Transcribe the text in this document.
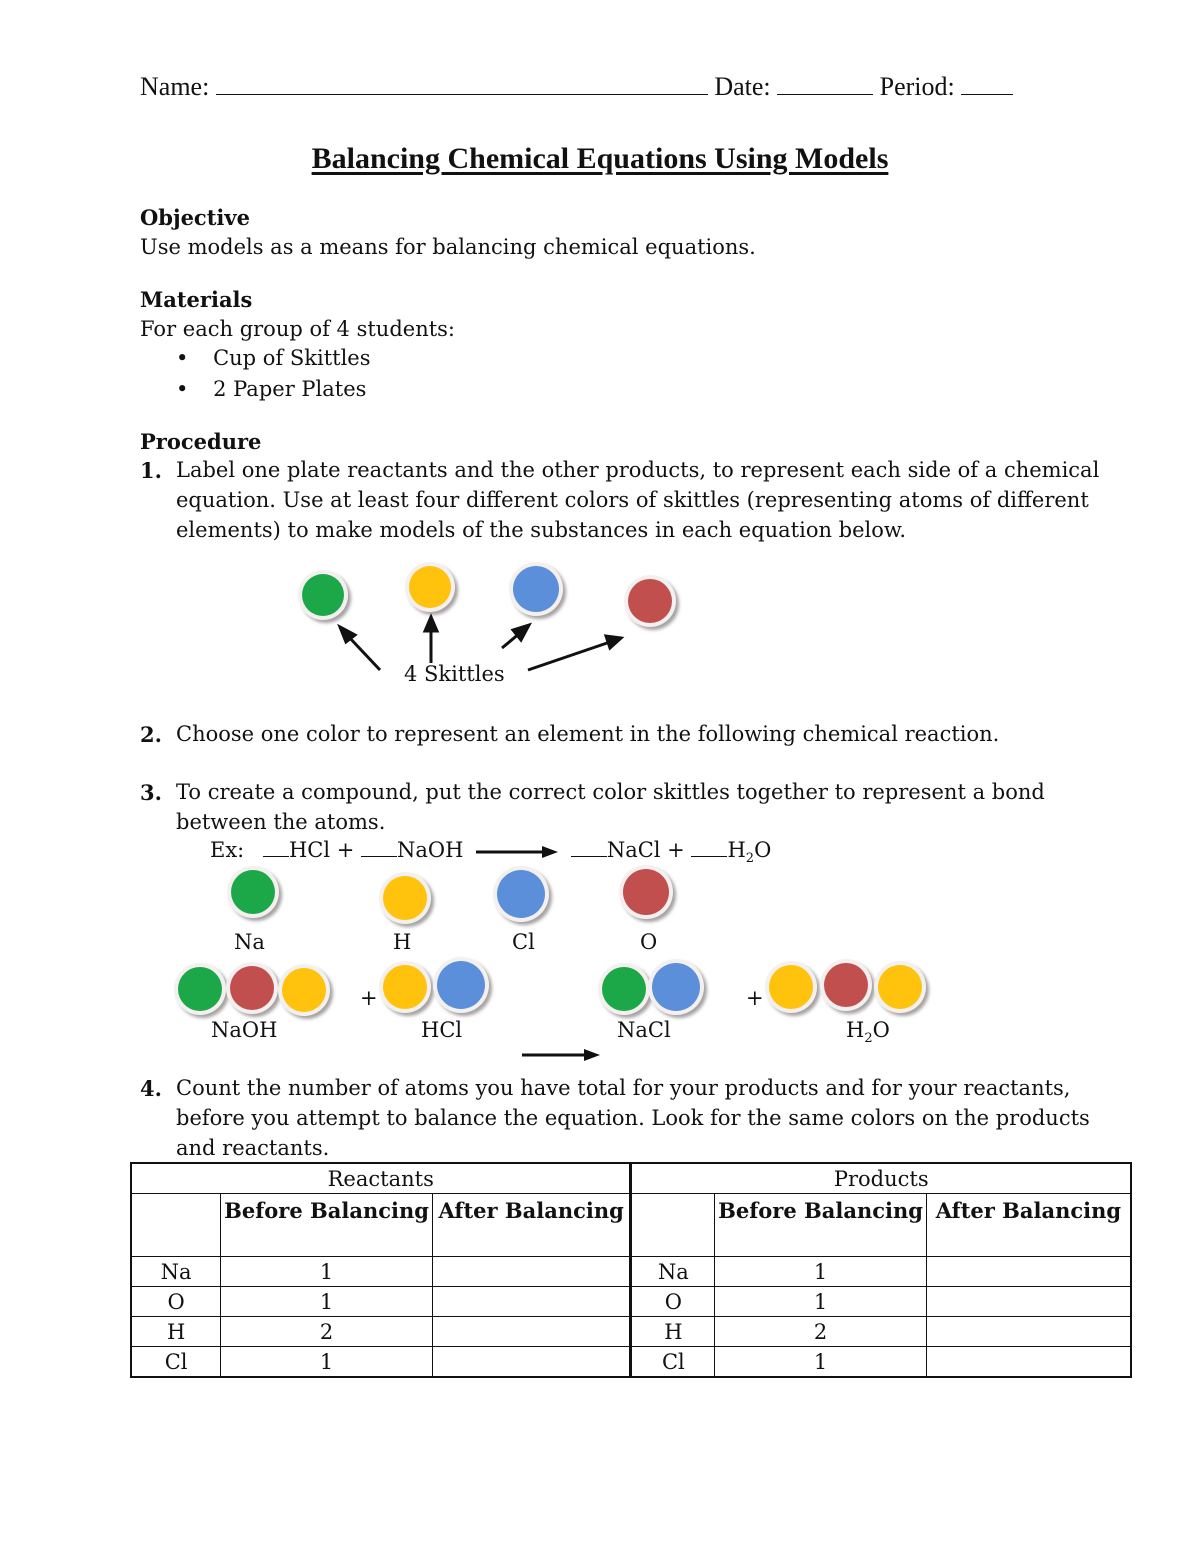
Name:	Date:	Period:
Balancing Chemical Equations Using Models
Objective
Use models as a means for balancing chemical equations.
Materials
For each group of 4 students:
• Cup of Skittles
• 2 Paper Plates
Procedure
1. Label one plate reactants and the other products, to represent each side of a chemical
equation. Use at least four different colors of skittles (representing atoms of different
elements) to make models of the substances in each equation below.
4 Skittles
2. Choose one color to represent an element in the following chemical reaction.
3. To create a compound, put the correct color skittles together to represent a bond
between the atoms.
Ex: HCl + NaOH	NaCl + $H_2O$
Na	H	Cl	O
+	+
NaOH	HCl	NaCl	$H_2O$
4. Count the number of atoms you have total for your products and for your reactants,
before you attempt to balance the equation. Look for the same colors on the products
and reactants.
Reactants			Products		
	Before Balancing	After Balancing		Before Balancing	After Balancing
Na	1		Na	1	
O	1		O	1	
H	2		H	2	
Cl	1		Cl	1	
